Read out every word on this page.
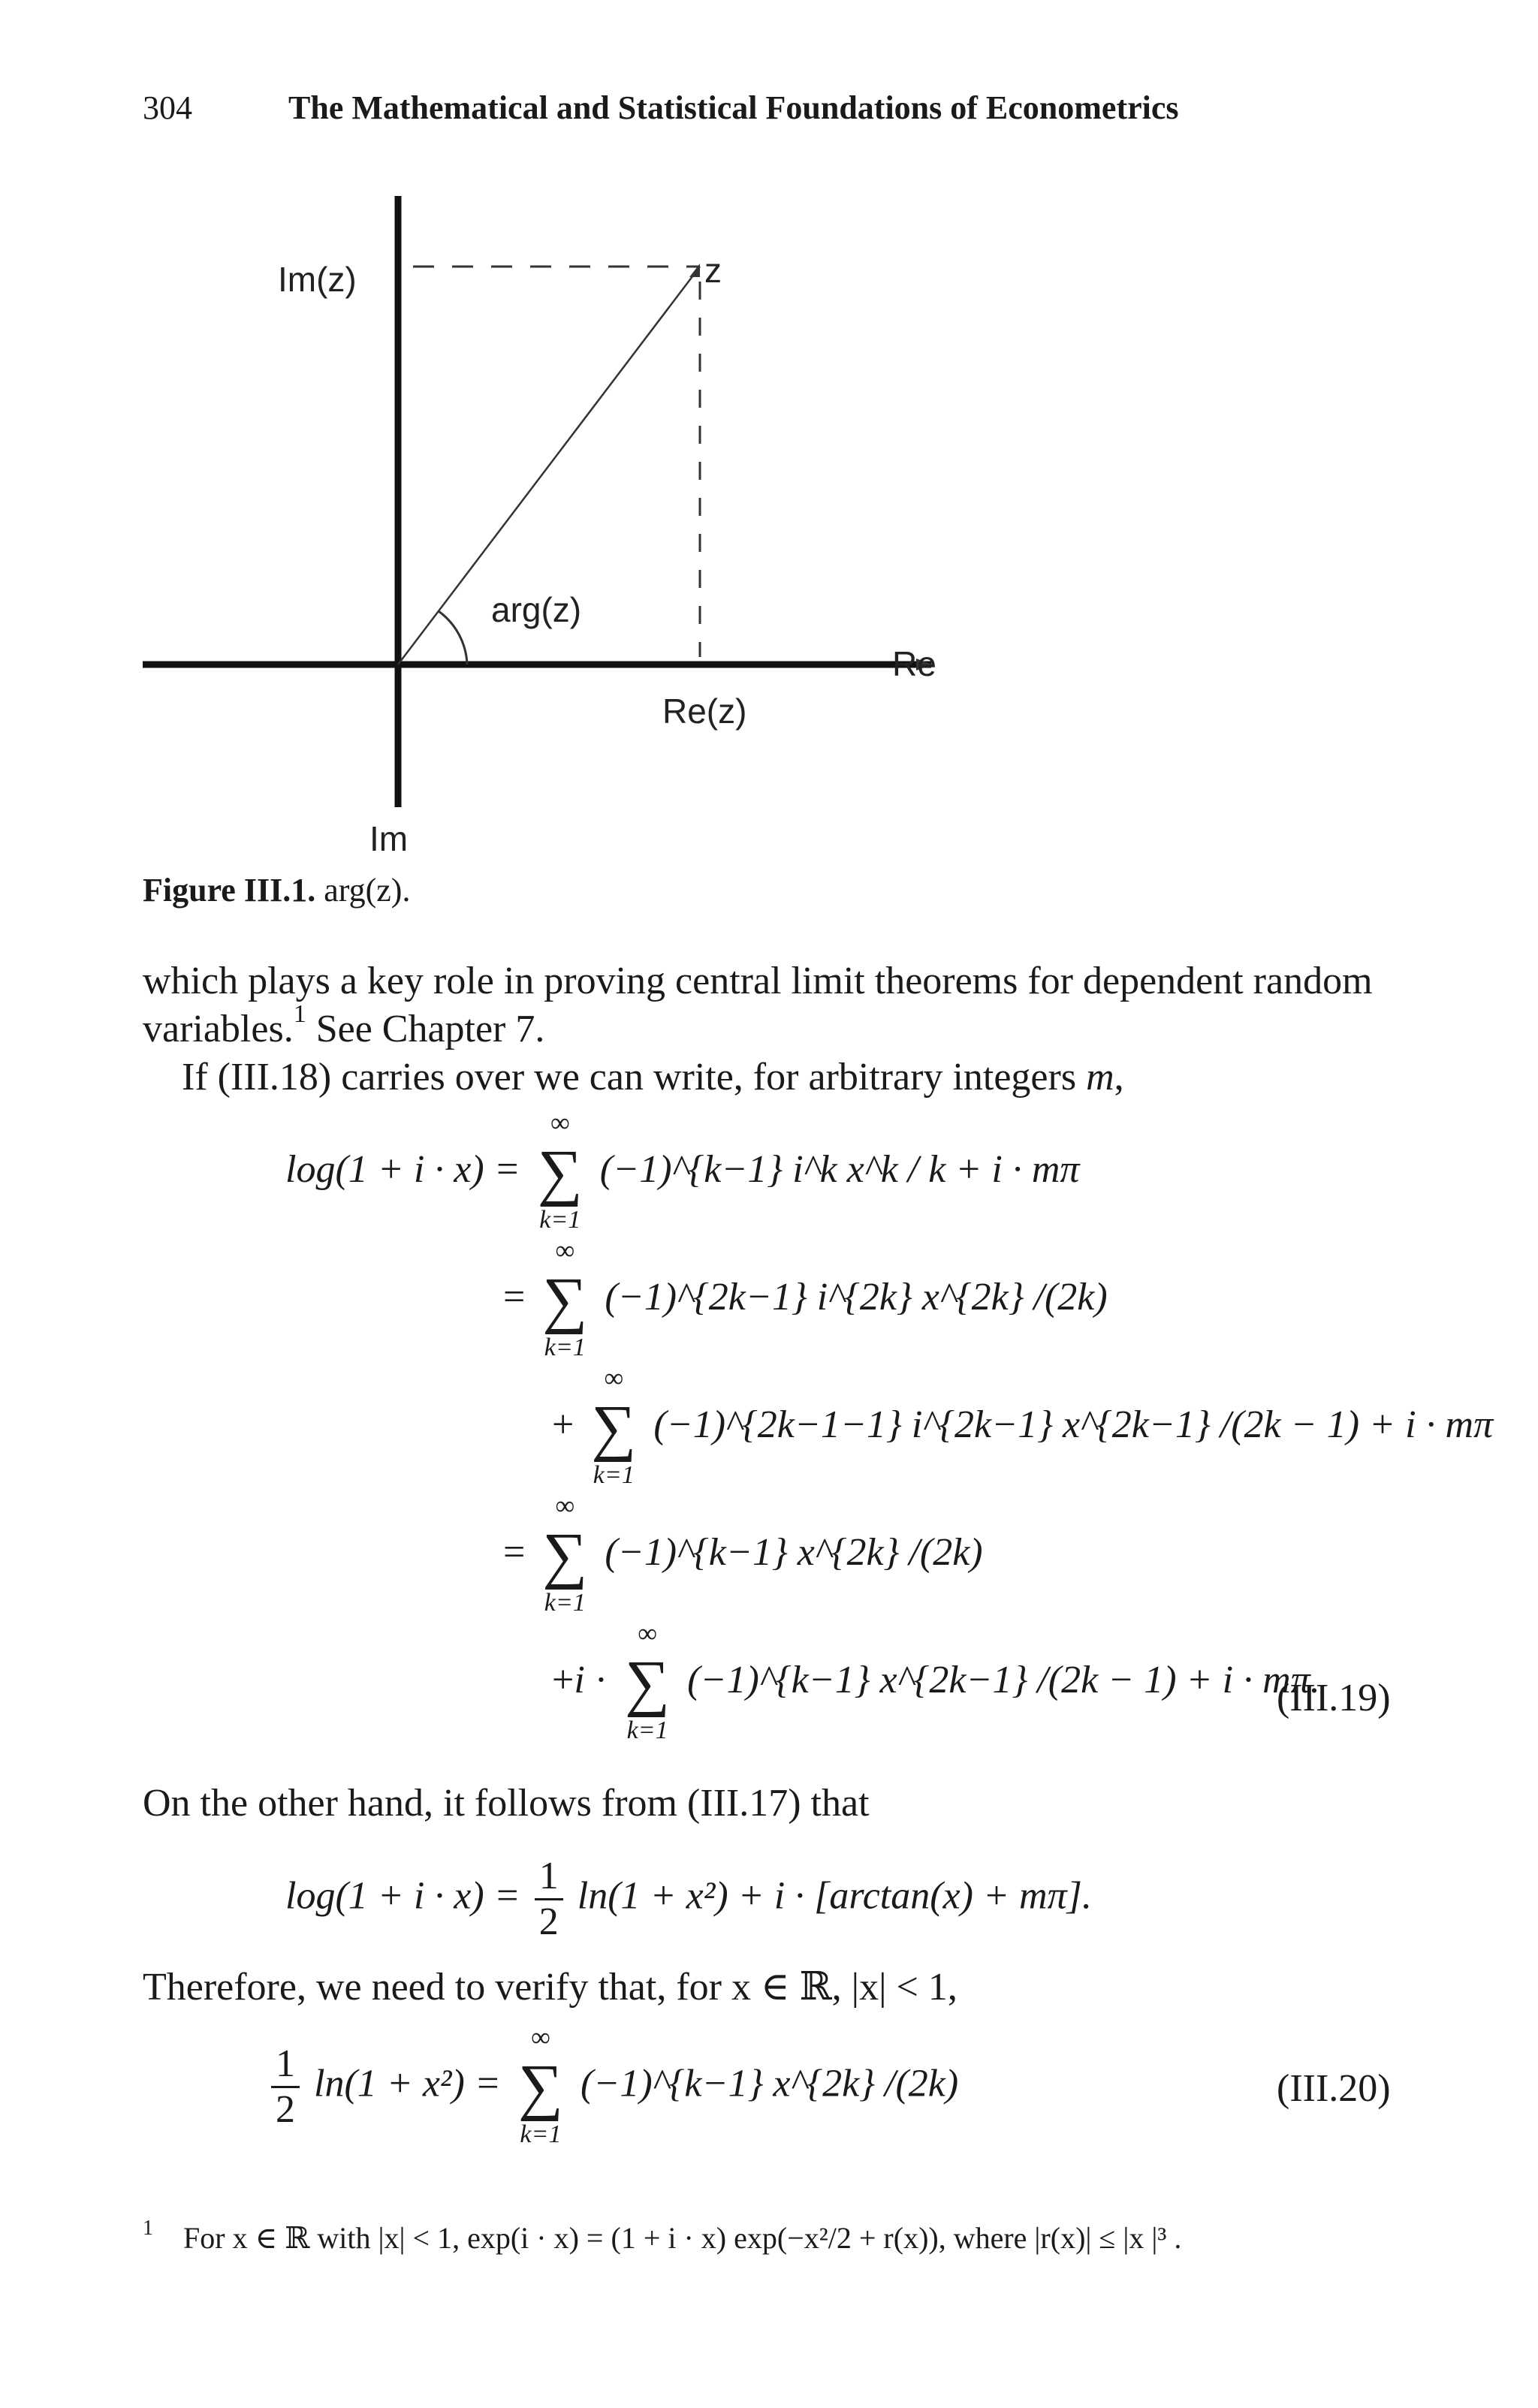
304	The Mathematical and Statistical Foundations of Econometrics
Im(z)	z
arg(z)
Re
Re(z)
Im
Figure III.1. arg(z).
which plays a key role in proving central limit theorems for dependent random
variables.$^1$ See Chapter 7.
If (III.18) carries over we can write, for arbitrary integers m,
log(1 + i · x) =
∞
∑
k=1
(−1)^{k−1} i^k x^k / k + i · mπ
=
∞
∑
k=1
(−1)^{2k−1} i^{2k} x^{2k} /(2k)
+
∞
∑
k=1
(−1)^{2k−1−1} i^{2k−1} x^{2k−1} /(2k − 1) + i · mπ
=
∞
∑
k=1
(−1)^{k−1} x^{2k} /(2k)
+i ·
∞
∑
k=1
(−1)^{k−1} x^{2k−1} /(2k − 1) + i · mπ.
(III.19)
On the other hand, it follows from (III.17) that
$\log(1 + i \cdot x) = \frac{1}{2} \ln(1 + x^2) + i \cdot [\arctan(x) + m\pi]$.
Therefore, we need to verify that, for x ∈ ℝ, |x| < 1,
$\frac{1}{2} \ln(1 + x^2)$ =
∞
∑
k=1
(−1)^{k−1} x^{2k} /(2k)	(III.20)
$^1$ For x ∈ ℝ with |x| < 1, exp(i · x) = (1 + i · x) exp(−x²/2 + r(x)), where |r(x)| ≤ |x |³ .
